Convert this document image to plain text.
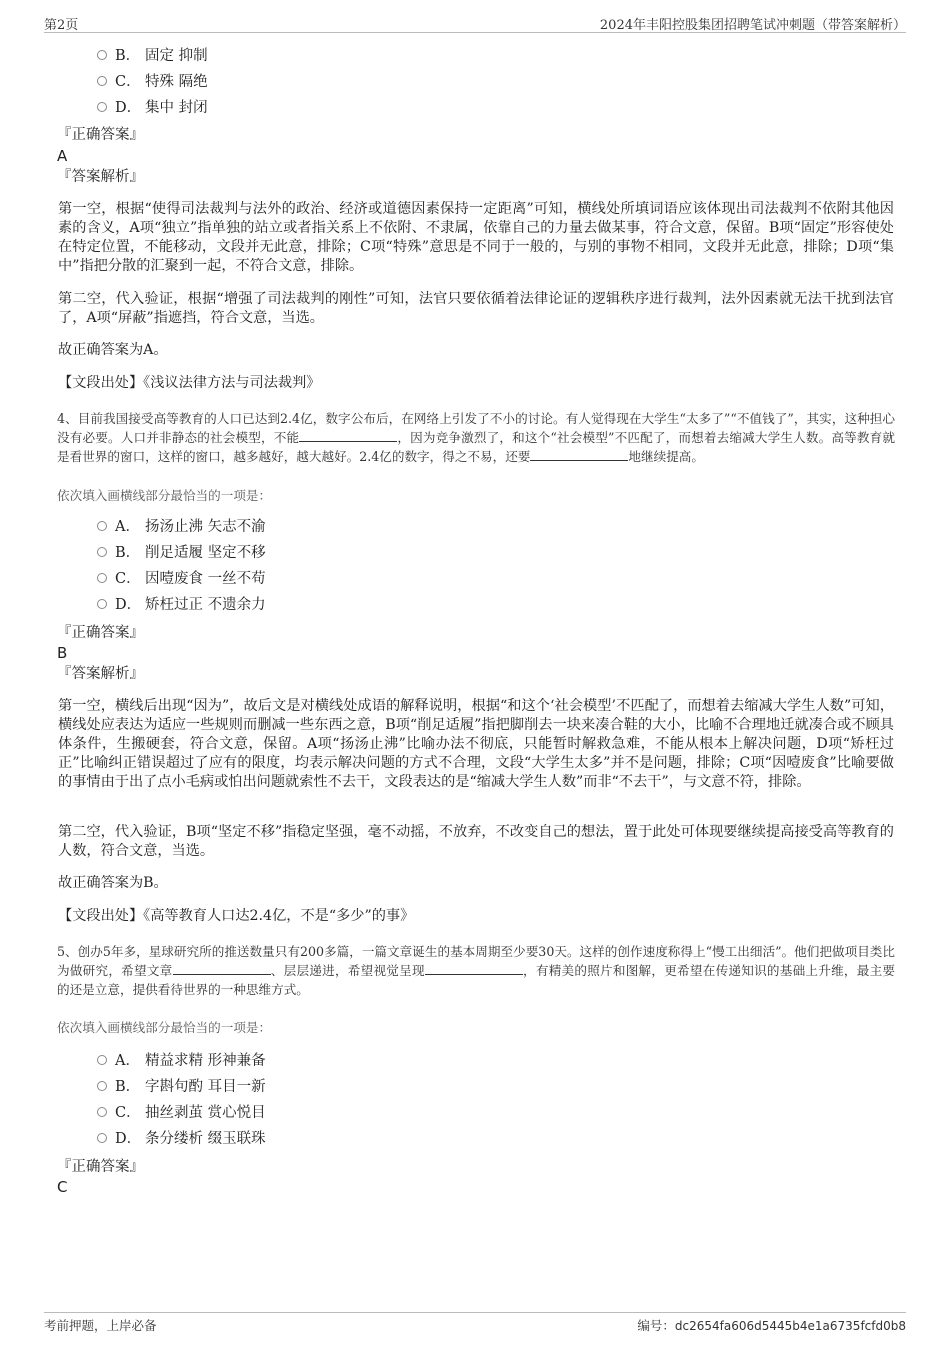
第2页	2024年丰阳控股集团招聘笔试冲刺题（带答案解析）
B． 固定 抑制
C． 特殊 隔绝
D． 集中 封闭
『正确答案』
A
『答案解析』
第一空，根据“使得司法裁判与法外的政治、经济或道德因素保持一定距离”可知，横线处所填词语应该体现出司法裁判不依附其他因素的含义，A项“独立”指单独的站立或者指关系上不依附、不隶属，依靠自己的力量去做某事，符合文意，保留。B项“固定”形容使处在特定位置，不能移动，文段并无此意，排除；C项“特殊”意思是不同于一般的，与别的事物不相同，文段并无此意，排除；D项“集中”指把分散的汇聚到一起，不符合文意，排除。
第二空，代入验证，根据“增强了司法裁判的刚性”可知，法官只要依循着法律论证的逻辑秩序进行裁判，法外因素就无法干扰到法官了，A项“屏蔽”指遮挡，符合文意，当选。
故正确答案为A。
【文段出处】《浅议法律方法与司法裁判》
4、目前我国接受高等教育的人口已达到2.4亿，数字公布后，在网络上引发了不小的讨论。有人觉得现在大学生“太多了”“不值钱了”，其实，这种担心没有必要。人口并非静态的社会模型，不能	，因为竞争激烈了，和这个“社会模型”不匹配了，而想着去缩减大学生人数。高等教育就是看世界的窗口，这样的窗口，越多越好，越大越好。2.4亿的数字，得之不易，还要	地继续提高。
依次填入画横线部分最恰当的一项是：
A． 扬汤止沸 矢志不渝
B． 削足适履 坚定不移
C． 因噎废食 一丝不苟
D． 矫枉过正 不遗余力
『正确答案』
B
『答案解析』
第一空，横线后出现“因为”，故后文是对横线处成语的解释说明，根据“和这个‘社会模型’不匹配了，而想着去缩减大学生人数”可知，横线处应表达为适应一些规则而删减一些东西之意，B项“削足适履”指把脚削去一块来凑合鞋的大小，比喻不合理地迁就凑合或不顾具体条件，生搬硬套，符合文意，保留。A项“扬汤止沸”比喻办法不彻底，只能暂时解救急难，不能从根本上解决问题，D项“矫枉过正”比喻纠正错误超过了应有的限度，均表示解决问题的方式不合理，文段“大学生太多”并不是问题，排除；C项“因噎废食”比喻要做的事情由于出了点小毛病或怕出问题就索性不去干，文段表达的是“缩减大学生人数”而非“不去干”，与文意不符，排除。
第二空，代入验证，B项“坚定不移”指稳定坚强，毫不动摇，不放弃，不改变自己的想法，置于此处可体现要继续提高接受高等教育的人数，符合文意，当选。
故正确答案为B。
【文段出处】《高等教育人口达2.4亿，不是“多少”的事》
5、创办5年多，星球研究所的推送数量只有200多篇，一篇文章诞生的基本周期至少要30天。这样的创作速度称得上“慢工出细活”。他们把做项目类比为做研究，希望文章	、层层递进，希望视觉呈现	，有精美的照片和图解，更希望在传递知识的基础上升维，最主要的还是立意，提供看待世界的一种思维方式。
依次填入画横线部分最恰当的一项是：
A． 精益求精 形神兼备
B． 字斟句酌 耳目一新
C． 抽丝剥茧 赏心悦目
D． 条分缕析 缀玉联珠
『正确答案』
C
考前押题，上岸必备	编号：dc2654fa606d5445b4e1a6735fcfd0b8
